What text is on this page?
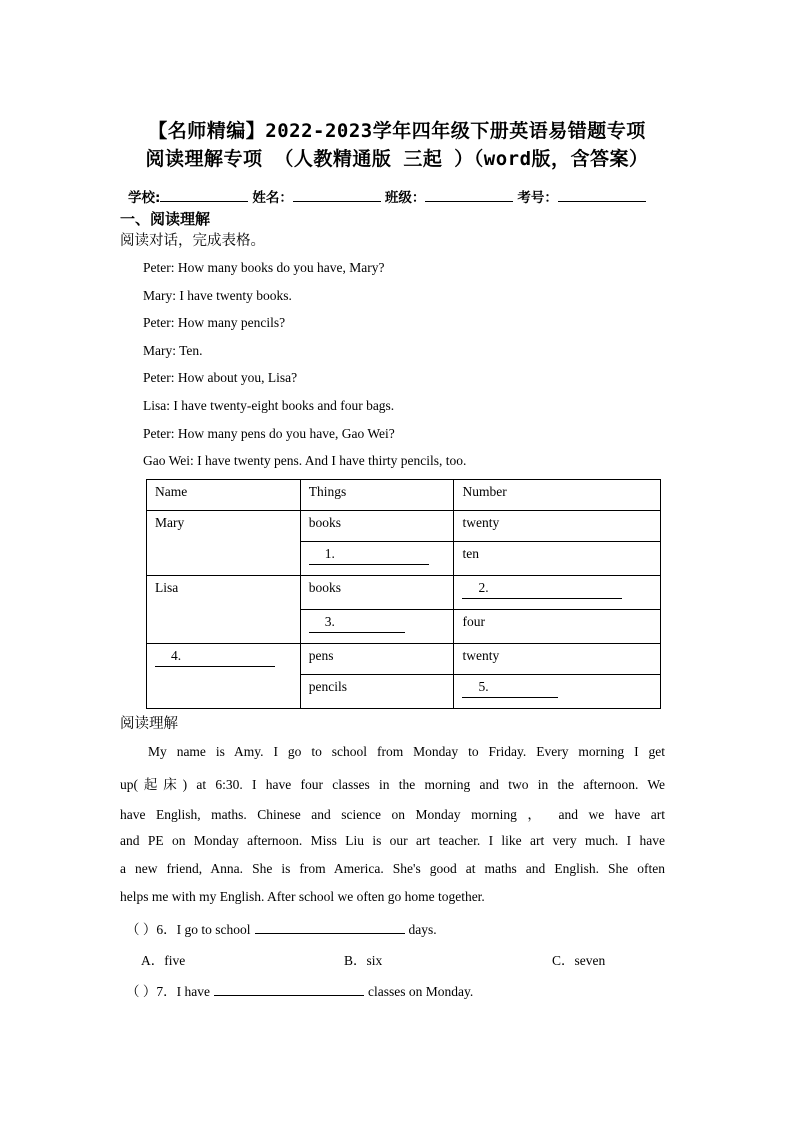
【名师精编】2022-2023学年四年级下册英语易错题专项
阅读理解专项 （人教精通版 三起 ）（word版，含答案）
学校:	姓名：	班级：	考号：
一、阅读理解
阅读对话，完成表格。
Peter: How many books do you have, Mary?
Mary: I have twenty books.
Peter: How many pencils?
Mary: Ten.
Peter: How about you, Lisa?
Lisa: I have twenty-eight books and four bags.
Peter: How many pens do you have, Gao Wei?
Gao Wei: I have twenty pens. And I have thirty pencils, too.
Name	Things	Number
Mary	books	twenty
	1.	ten
Lisa	books	2.
	3.	four
4.	pens	twenty
	pencils	5.
阅读理解
My name is Amy. I go to school from Monday to Friday. Every morning I get
up(起床) at 6:30. I have four classes in the morning and two in the afternoon. We
have English, maths. Chinese and science on Monday morning ， and we have art
and PE on Monday afternoon. Miss Liu is our art teacher. I like art very much. I have
a new friend, Anna. She is from America. She's good at maths and English. She often
helps me with my English. After school we often go home together.
（ ）6．I go to school	days.
A．five	B．six	C．seven
（ ）7．I have	classes on Monday.
